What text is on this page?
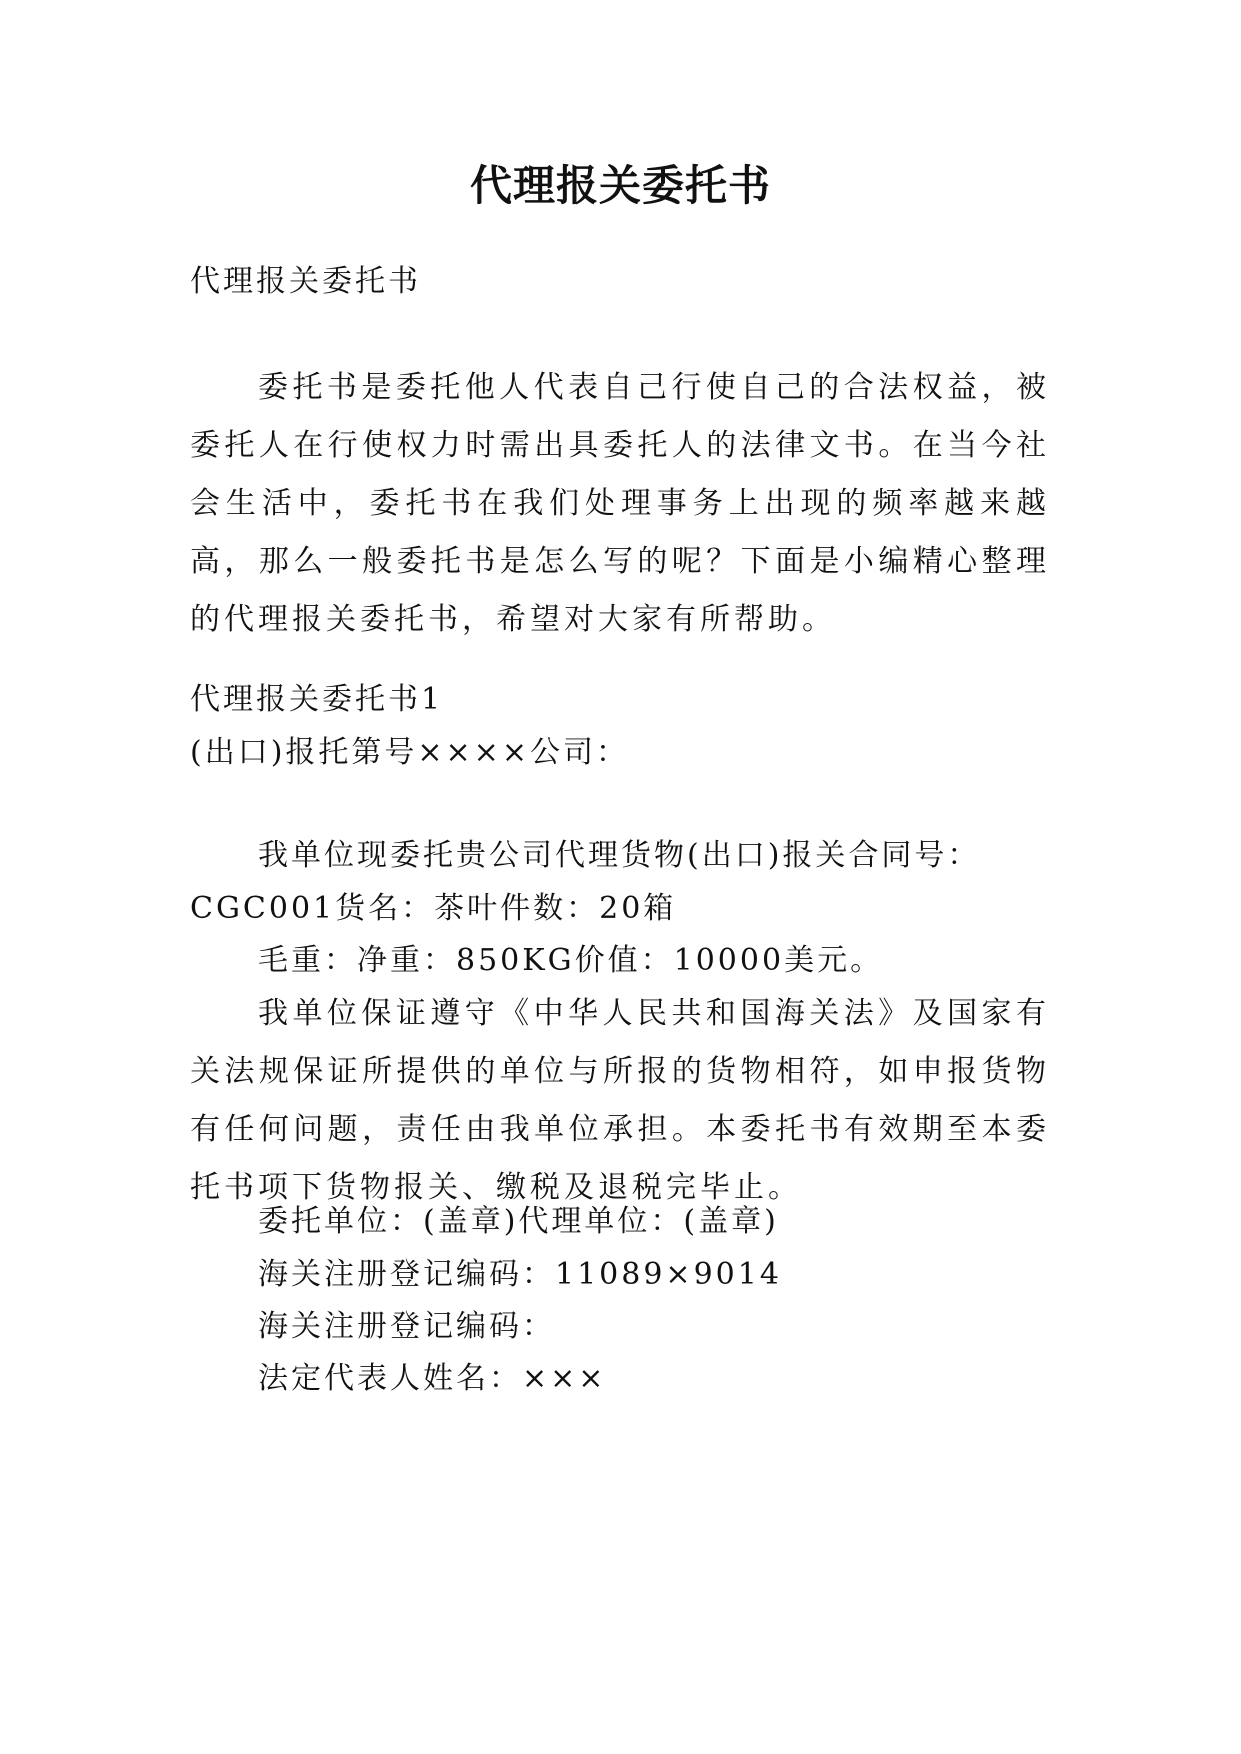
代理报关委托书

代理报关委托书

委托书是委托他人代表自己行使自己的合法权益，被委托人在行使权力时需出具委托人的法律文书。在当今社会生活中，委托书在我们处理事务上出现的频率越来越高，那么一般委托书是怎么写的呢？下面是小编精心整理的代理报关委托书，希望对大家有所帮助。

代理报关委托书1

(出口)报托第号××××公司：

我单位现委托贵公司代理货物(出口)报关合同号：

CGC001货名：茶叶件数：20箱

毛重：净重：850KG价值：10000美元。

我单位保证遵守《中华人民共和国海关法》及国家有关法规保证所提供的单位与所报的货物相符，如申报货物有任何问题，责任由我单位承担。本委托书有效期至本委托书项下货物报关、缴税及退税完毕止。

委托单位：(盖章)代理单位：(盖章)

海关注册登记编码：11089×9014

海关注册登记编码：

法定代表人姓名：×××
